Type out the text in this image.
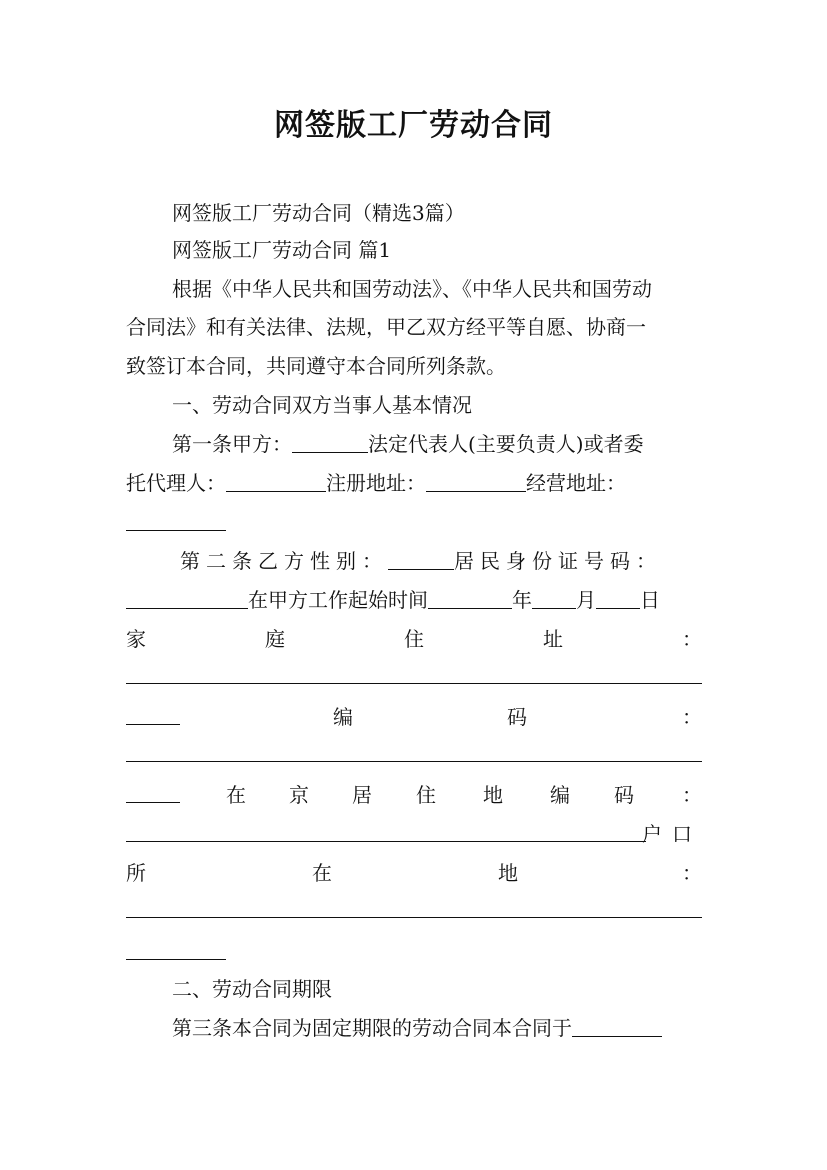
网签版工厂劳动合同
网签版工厂劳动合同（精选3篇）
网签版工厂劳动合同 篇1
根据《中华人民共和国劳动法》、《中华人民共和国劳动
合同法》和有关法律、法规，甲乙双方经平等自愿、协商一
致签订本合同，共同遵守本合同所列条款。
一、劳动合同双方当事人基本情况
第一条甲方：	法定代表人(主要负责人)或者委
托代理人：	注册地址：	经营地址：
第二条乙方性别：	居民身份证号码：
在甲方工作起始时间	年 月 日
家	庭	住	址	：
编	码	：
在 京 居 住 地 编 码 ：
户口
所	在	地	：
二、劳动合同期限
第三条本合同为固定期限的劳动合同本合同于
